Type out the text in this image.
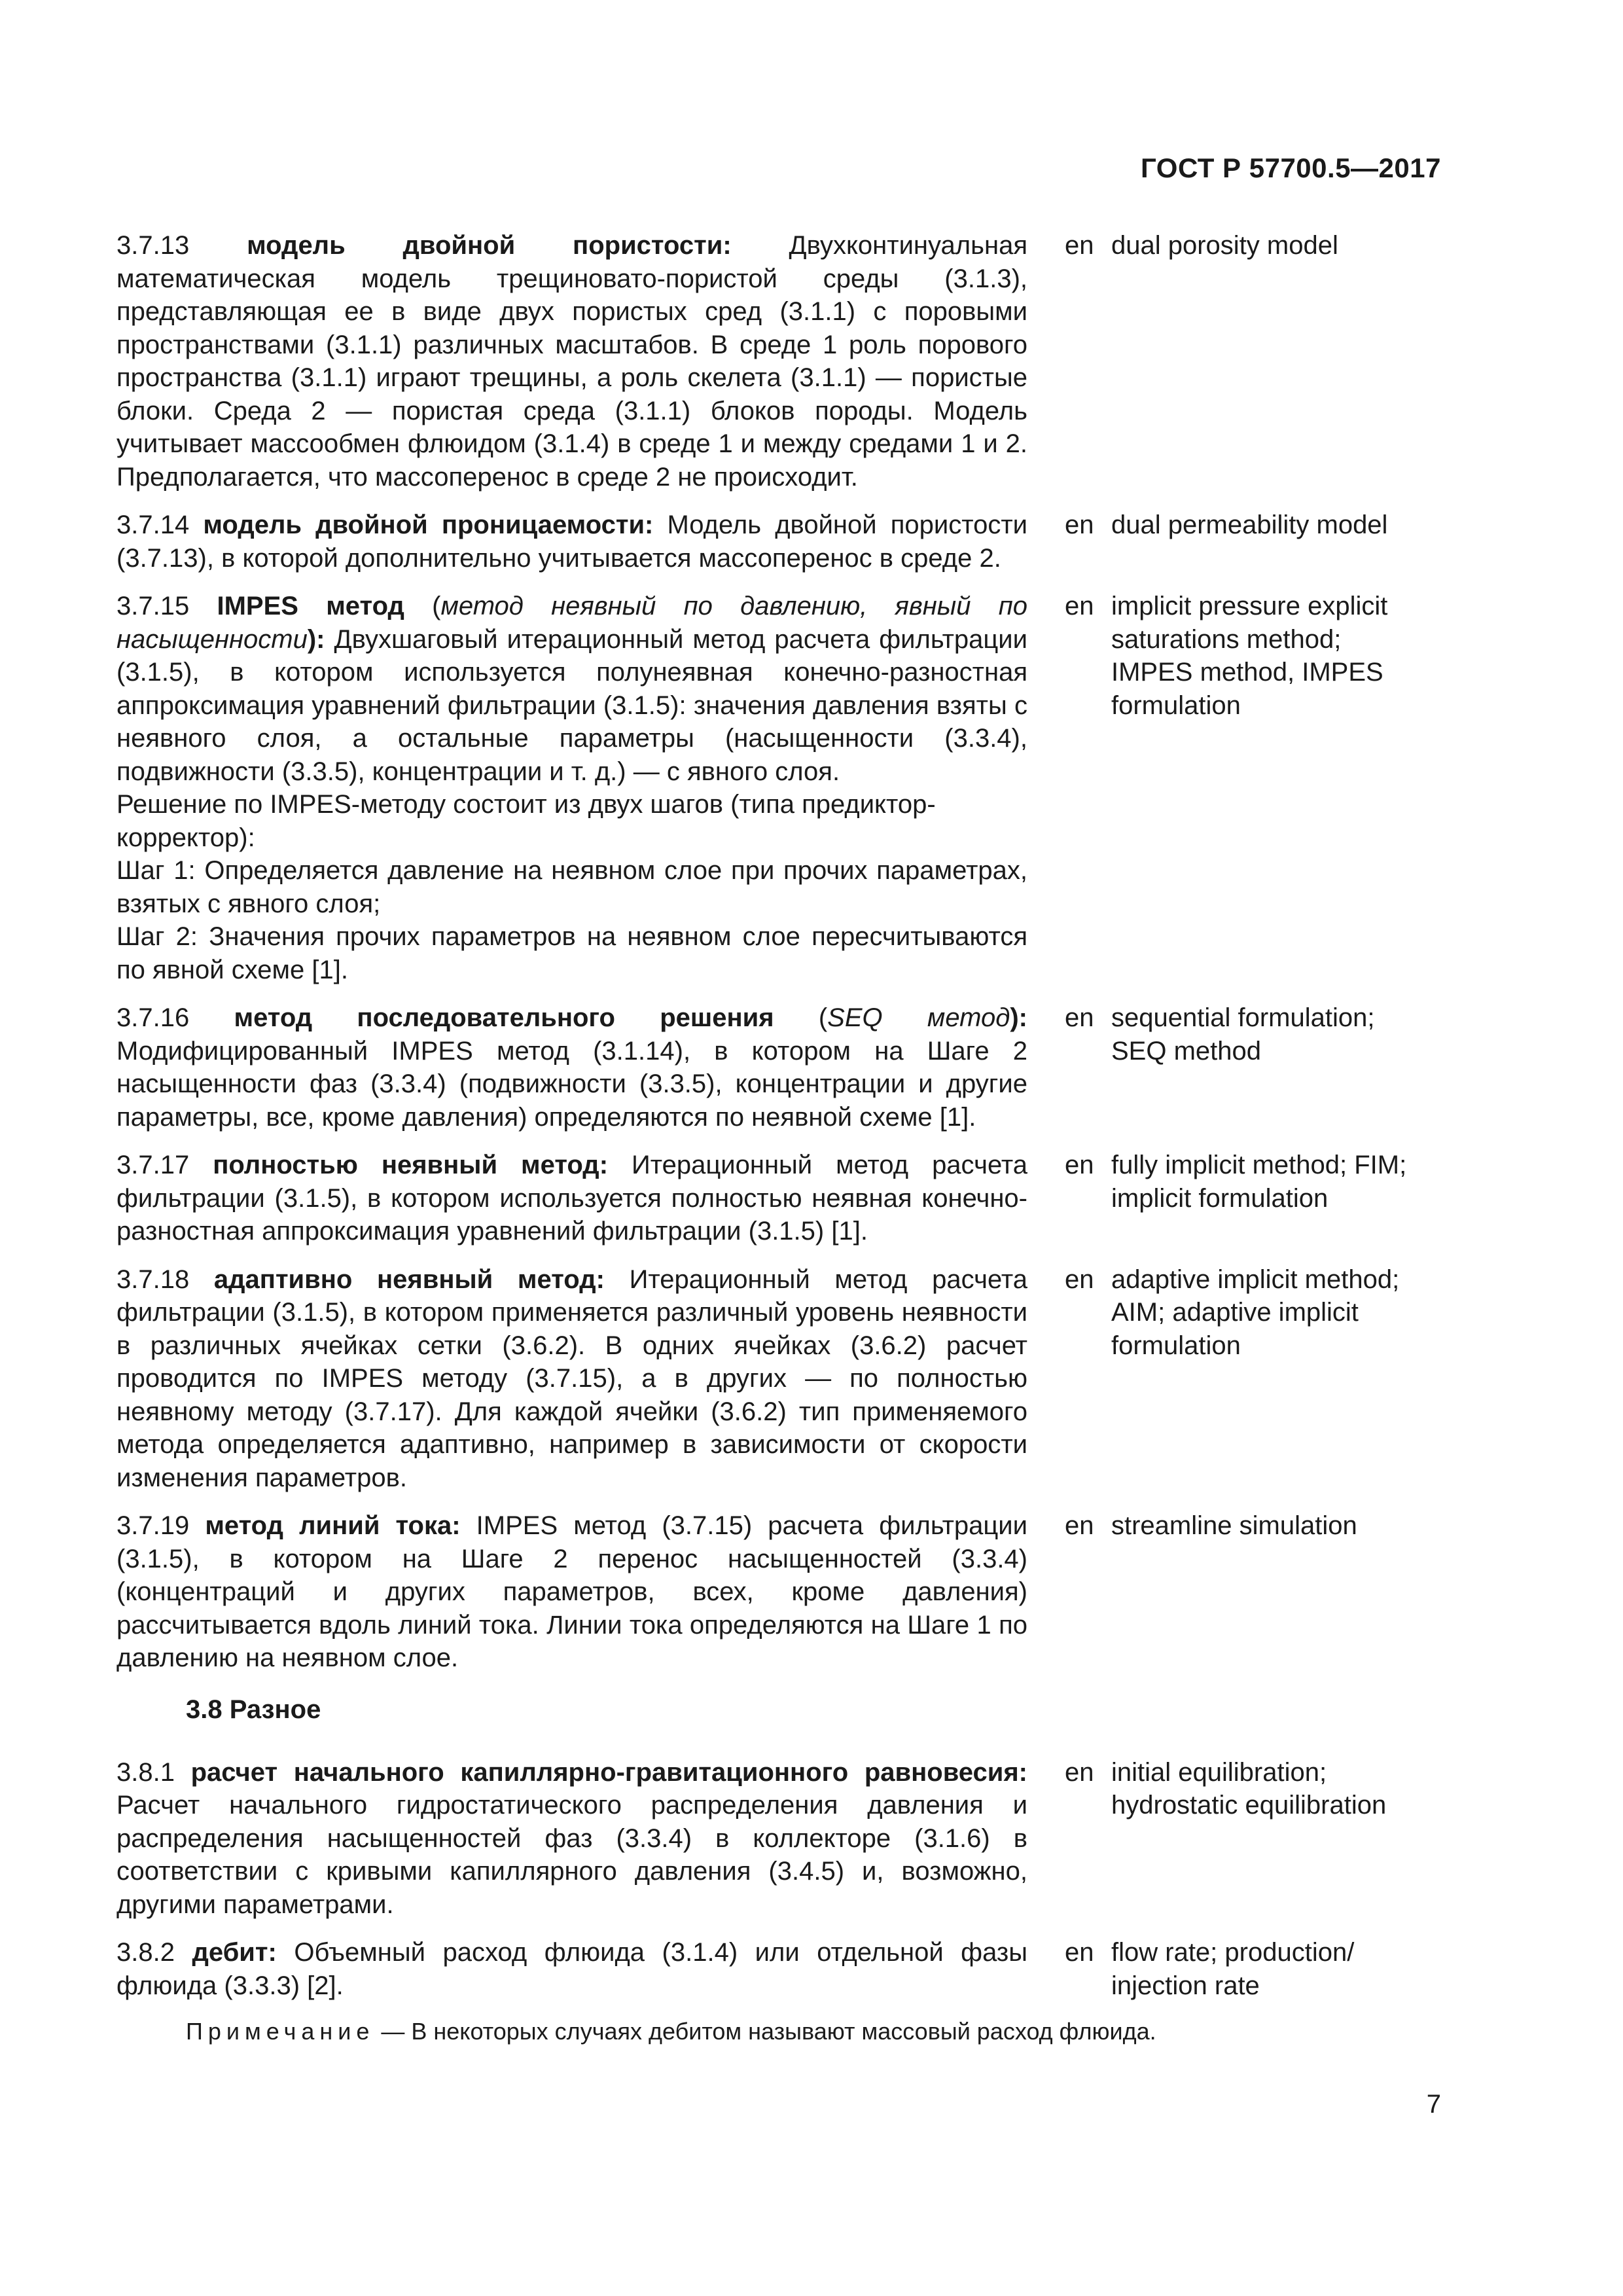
ГОСТ Р 57700.5—2017

3.7.13 модель двойной пористости: Двухконтинуальная математическая модель трещиновато-пористой среды (3.1.3), представляющая ее в виде двух пористых сред (3.1.1) с поровыми пространствами (3.1.1) различных масштабов. В среде 1 роль порового пространства (3.1.1) играют трещины, а роль скелета (3.1.1) — пористые блоки. Среда 2 — пористая среда (3.1.1) блоков породы. Модель учитывает массообмен флюидом (3.1.4) в среде 1 и между средами 1 и 2. Предполагается, что массоперенос в среде 2 не происходит.

en dual porosity model

3.7.14 модель двойной проницаемости: Модель двойной пористости (3.7.13), в которой дополнительно учитывается массоперенос в среде 2.

en dual permeability model

3.7.15 IMPES метод (метод неявный по давлению, явный по насыщенности): Двухшаговый итерационный метод расчета фильтрации (3.1.5), в котором используется полунеявная конечно-разностная аппроксимация уравнений фильтрации (3.1.5): значения давления взяты с неявного слоя, а остальные параметры (насыщенности (3.3.4), подвижности (3.3.5), концентрации и т. д.) — с явного слоя.

Решение по IMPES-методу состоит из двух шагов (типа предиктор-корректор):

Шаг 1: Определяется давление на неявном слое при прочих параметрах, взятых с явного слоя;

Шаг 2: Значения прочих параметров на неявном слое пересчитываются по явной схеме [1].

en implicit pressure explicit
saturations method;
IMPES method, IMPES
formulation

3.7.16 метод последовательного решения (SEQ метод): Модифицированный IMPES метод (3.1.14), в котором на Шаге 2 насыщенности фаз (3.3.4) (подвижности (3.3.5), концентрации и другие параметры, все, кроме давления) определяются по неявной схеме [1].

en sequential formulation;
SEQ method

3.7.17 полностью неявный метод: Итерационный метод расчета фильтрации (3.1.5), в котором используется полностью неявная конечно-разностная аппроксимация уравнений фильтрации (3.1.5) [1].

en fully implicit method; FIM;
implicit formulation

3.7.18 адаптивно неявный метод: Итерационный метод расчета фильтрации (3.1.5), в котором применяется различный уровень неявности в различных ячейках сетки (3.6.2). В одних ячейках (3.6.2) расчет проводится по IMPES методу (3.7.15), а в других — по полностью неявному методу (3.7.17). Для каждой ячейки (3.6.2) тип применяемого метода определяется адаптивно, например в зависимости от скорости изменения параметров.

en adaptive implicit method;
AIM; adaptive implicit
formulation

3.7.19 метод линий тока: IMPES метод (3.7.15) расчета фильтрации (3.1.5), в котором на Шаге 2 перенос насыщенностей (3.3.4) (концентраций и других параметров, всех, кроме давления) рассчитывается вдоль линий тока. Линии тока определяются на Шаге 1 по давлению на неявном слое.

en streamline simulation
3.8 Разное

3.8.1 расчет начального капиллярно-гравитационного равновесия: Расчет начального гидростатического распределения давления и распределения насыщенностей фаз (3.3.4) в коллекторе (3.1.6) в соответствии с кривыми капиллярного давления (3.4.5) и, возможно, другими параметрами.

en initial equilibration;
hydrostatic equilibration

3.8.2 дебит: Объемный расход флюида (3.1.4) или отдельной фазы флюида (3.3.3) [2].

en flow rate; production/
injection rate
Примечание — В некоторых случаях дебитом называют массовый расход флюида.
7
